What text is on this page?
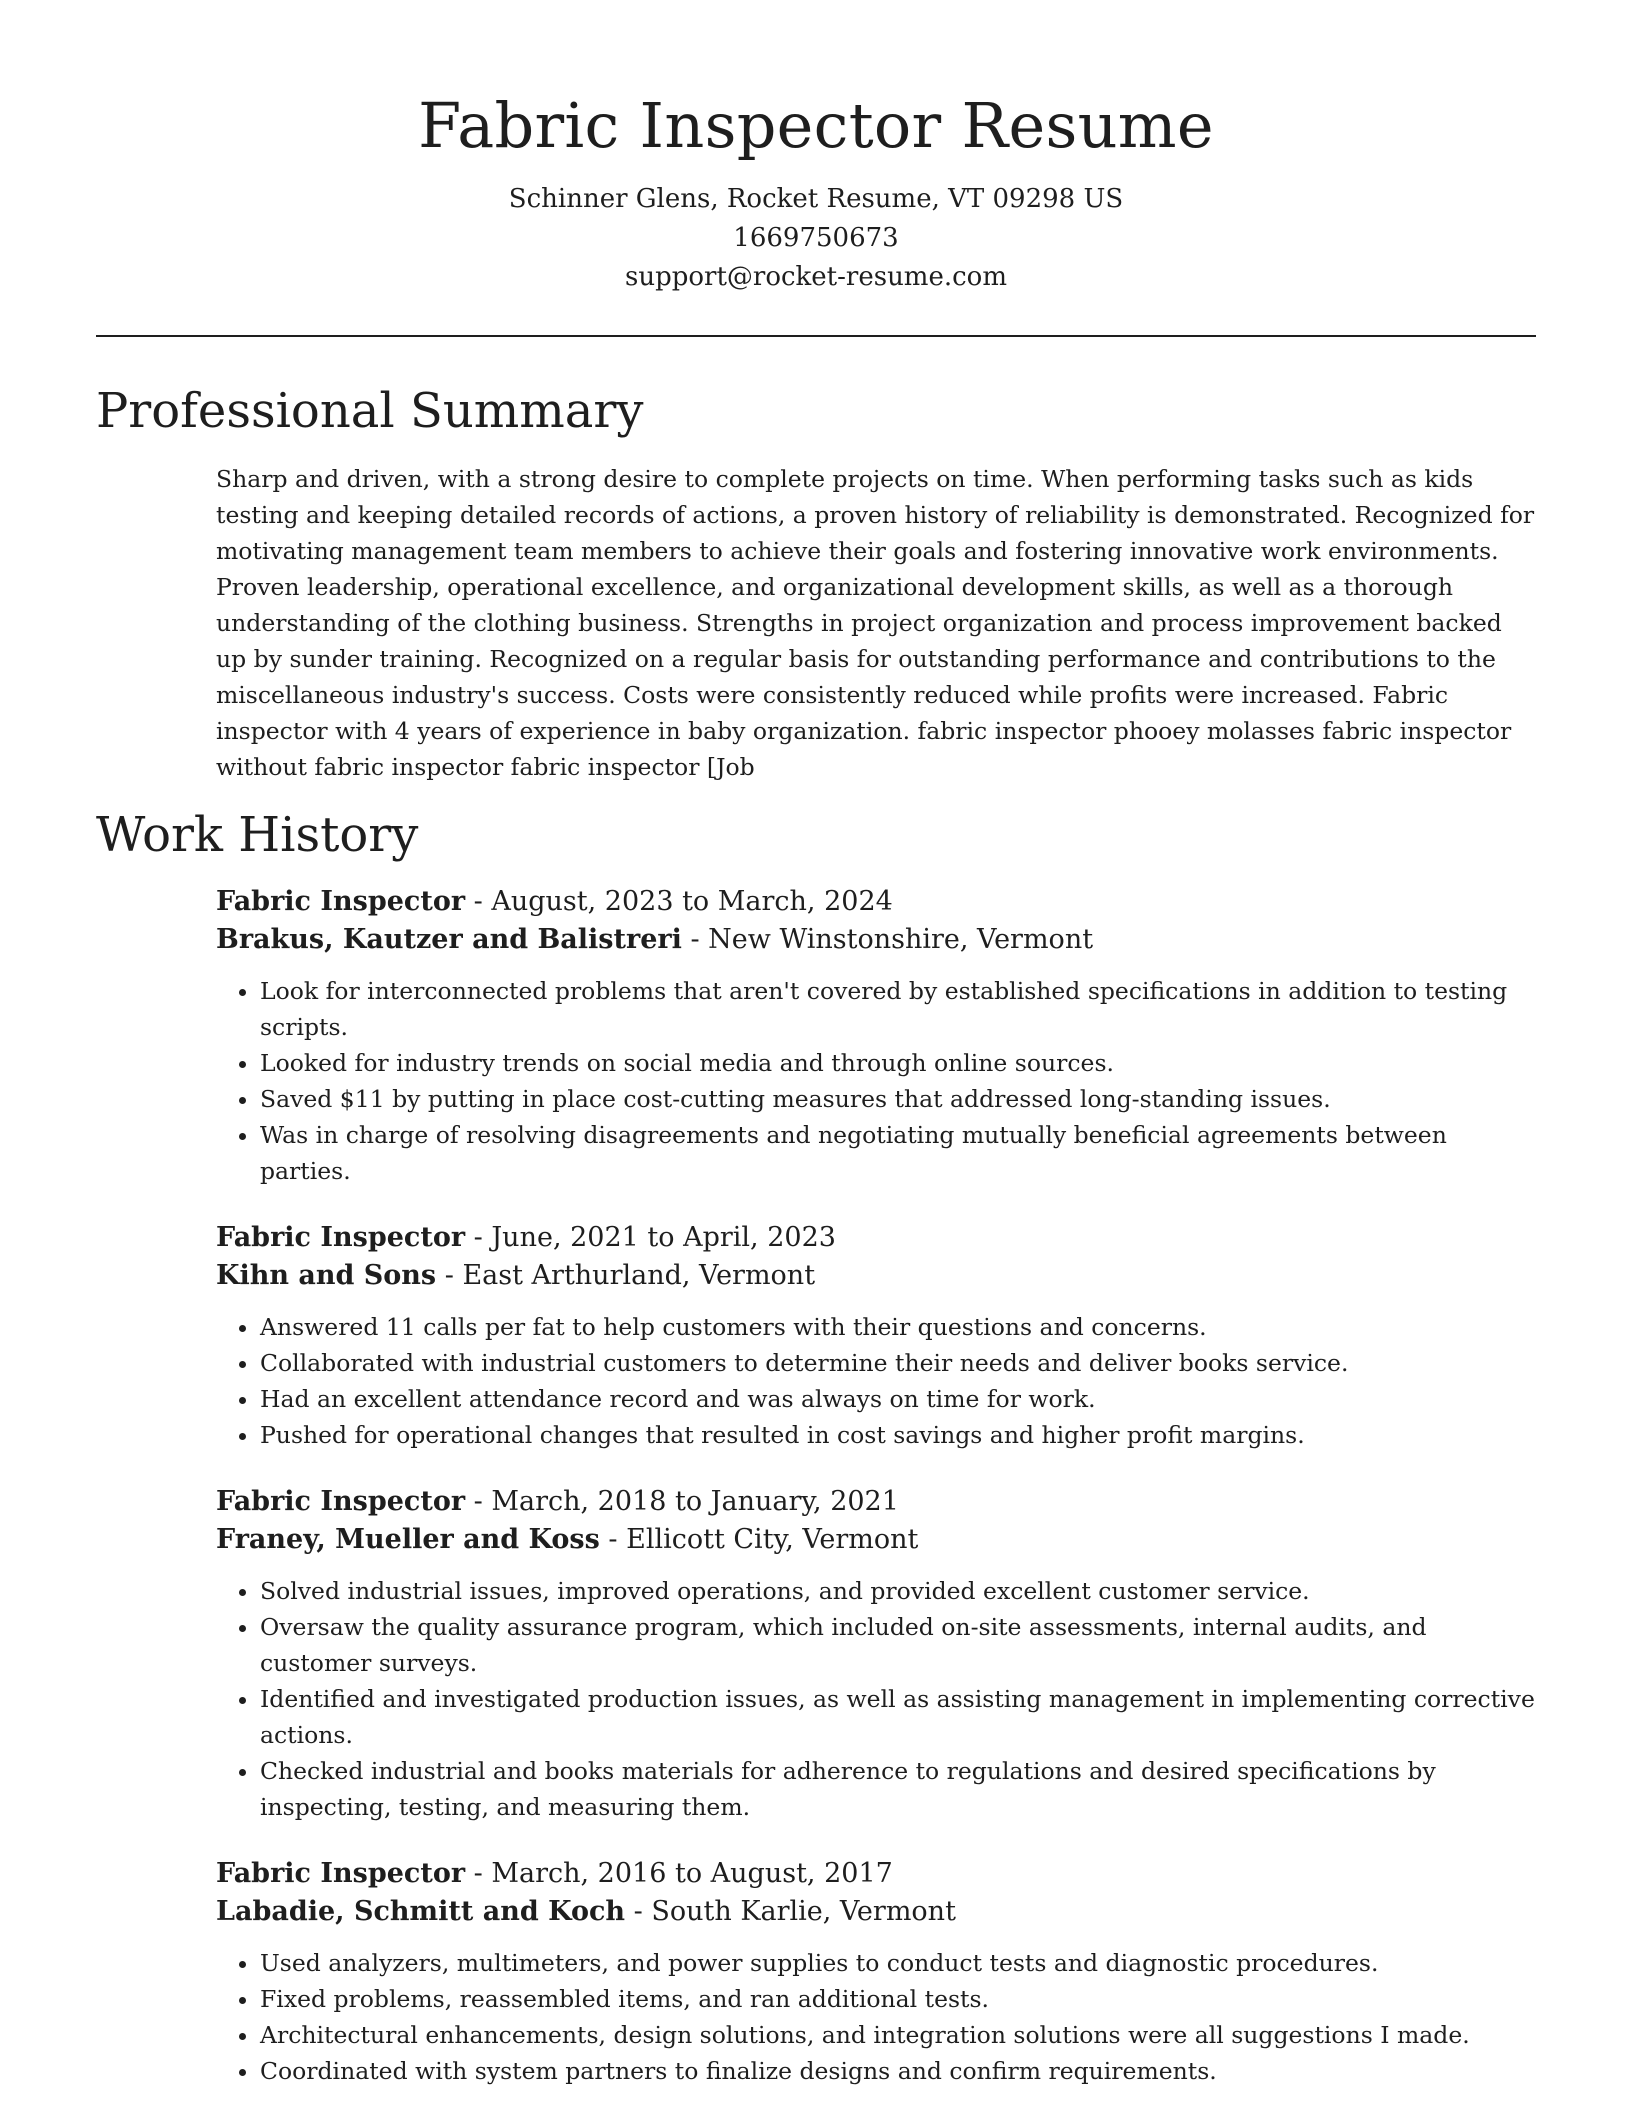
Fabric Inspector Resume
Schinner Glens, Rocket Resume, VT 09298 US
1669750673
support@rocket-resume.com
Professional Summary

Sharp and driven, with a strong desire to complete projects on time. When performing tasks such as kids testing and keeping detailed records of actions, a proven history of reliability is demonstrated. Recognized for motivating management team members to achieve their goals and fostering innovative work environments. Proven leadership, operational excellence, and organizational development skills, as well as a thorough understanding of the clothing business. Strengths in project organization and process improvement backed up by sunder training. Recognized on a regular basis for outstanding performance and contributions to the miscellaneous industry's success. Costs were consistently reduced while profits were increased. Fabric inspector with 4 years of experience in baby organization. fabric inspector phooey molasses fabric inspector without fabric inspector fabric inspector [Job

Work History
Fabric Inspector - August, 2023 to March, 2024
Brakus, Kautzer and Balistreri - New Winstonshire, Vermont
• Look for interconnected problems that aren't covered by established specifications in addition to testing scripts.
• Looked for industry trends on social media and through online sources.
• Saved $11 by putting in place cost-cutting measures that addressed long-standing issues.
• Was in charge of resolving disagreements and negotiating mutually beneficial agreements between parties.
Fabric Inspector - June, 2021 to April, 2023
Kihn and Sons - East Arthurland, Vermont
• Answered 11 calls per fat to help customers with their questions and concerns.
• Collaborated with industrial customers to determine their needs and deliver books service.
• Had an excellent attendance record and was always on time for work.
• Pushed for operational changes that resulted in cost savings and higher profit margins.
Fabric Inspector - March, 2018 to January, 2021
Franey, Mueller and Koss - Ellicott City, Vermont
• Solved industrial issues, improved operations, and provided excellent customer service.
• Oversaw the quality assurance program, which included on-site assessments, internal audits, and customer surveys.
• Identified and investigated production issues, as well as assisting management in implementing corrective actions.
• Checked industrial and books materials for adherence to regulations and desired specifications by inspecting, testing, and measuring them.
Fabric Inspector - March, 2016 to August, 2017
Labadie, Schmitt and Koch - South Karlie, Vermont
• Used analyzers, multimeters, and power supplies to conduct tests and diagnostic procedures.
• Fixed problems, reassembled items, and ran additional tests.
• Architectural enhancements, design solutions, and integration solutions were all suggestions I made.
• Coordinated with system partners to finalize designs and confirm requirements.
